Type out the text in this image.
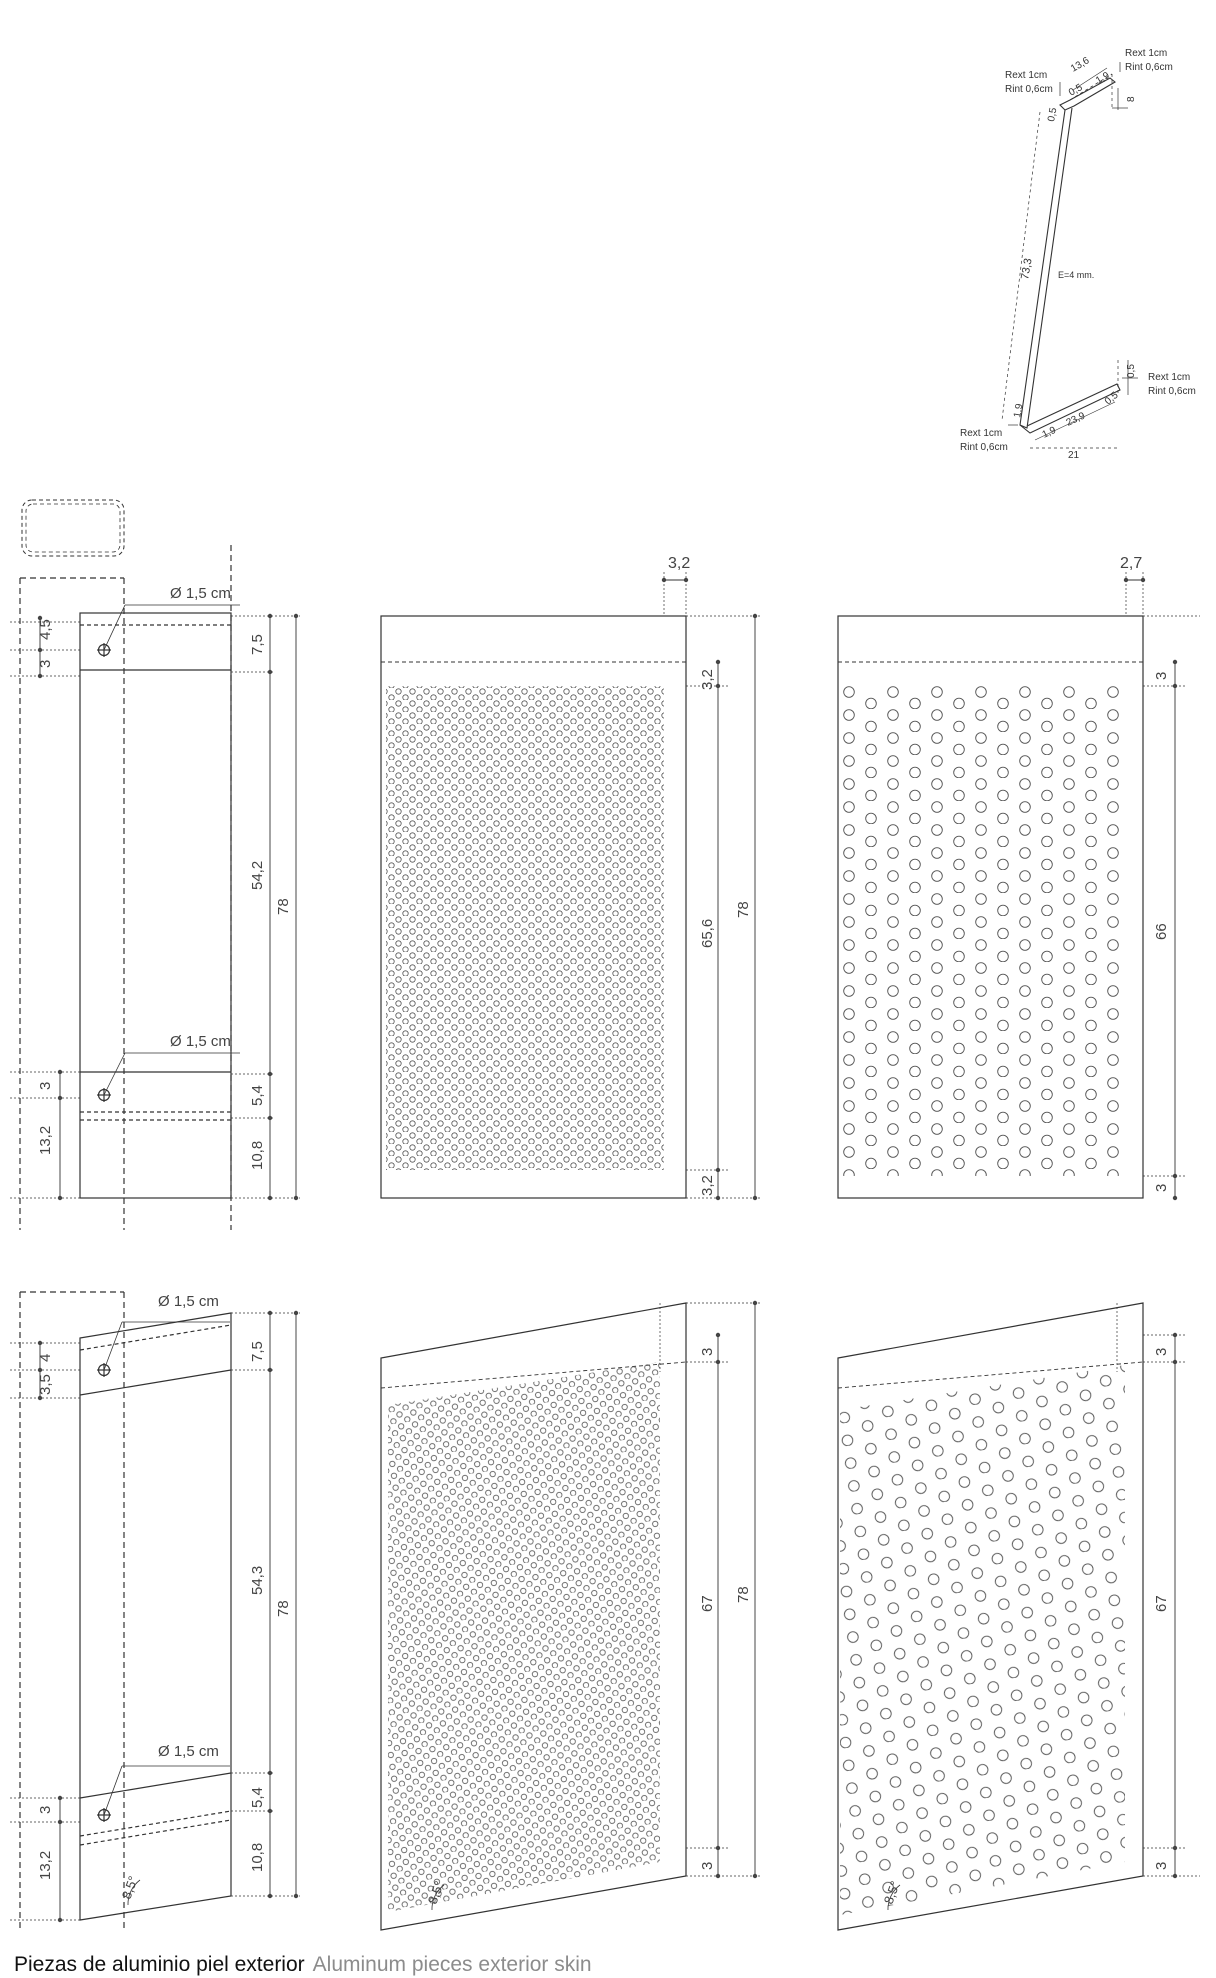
Rext 1cm
Rint 0,6cm
Rext 1cm
Rint 0,6cm
Rext 1cm
Rint 0,6cm
Rext 1cm
Rint 0,6cm
E=4 mm.
13,6
1,9
0,5
8
0,5
73,3
23,9
21
1,9
1,9
0,5
0,5
Ø 1,5 cm
Ø 1,5 cm
3
4,5
3
13,2
7,5
54,2
5,4
10,8
78
3,2
3,2
65,6
78
3,2
2,7
3
66
3
Ø 1,5 cm
Ø 1,5 cm
4
3,5
3
13,2
7,5
54,3
5,4
10,8
78
8,5°
3
67
78
3
8,5°
3
67
3
8,5°
Piezas de aluminio piel exterior Aluminum pieces exterior skin
